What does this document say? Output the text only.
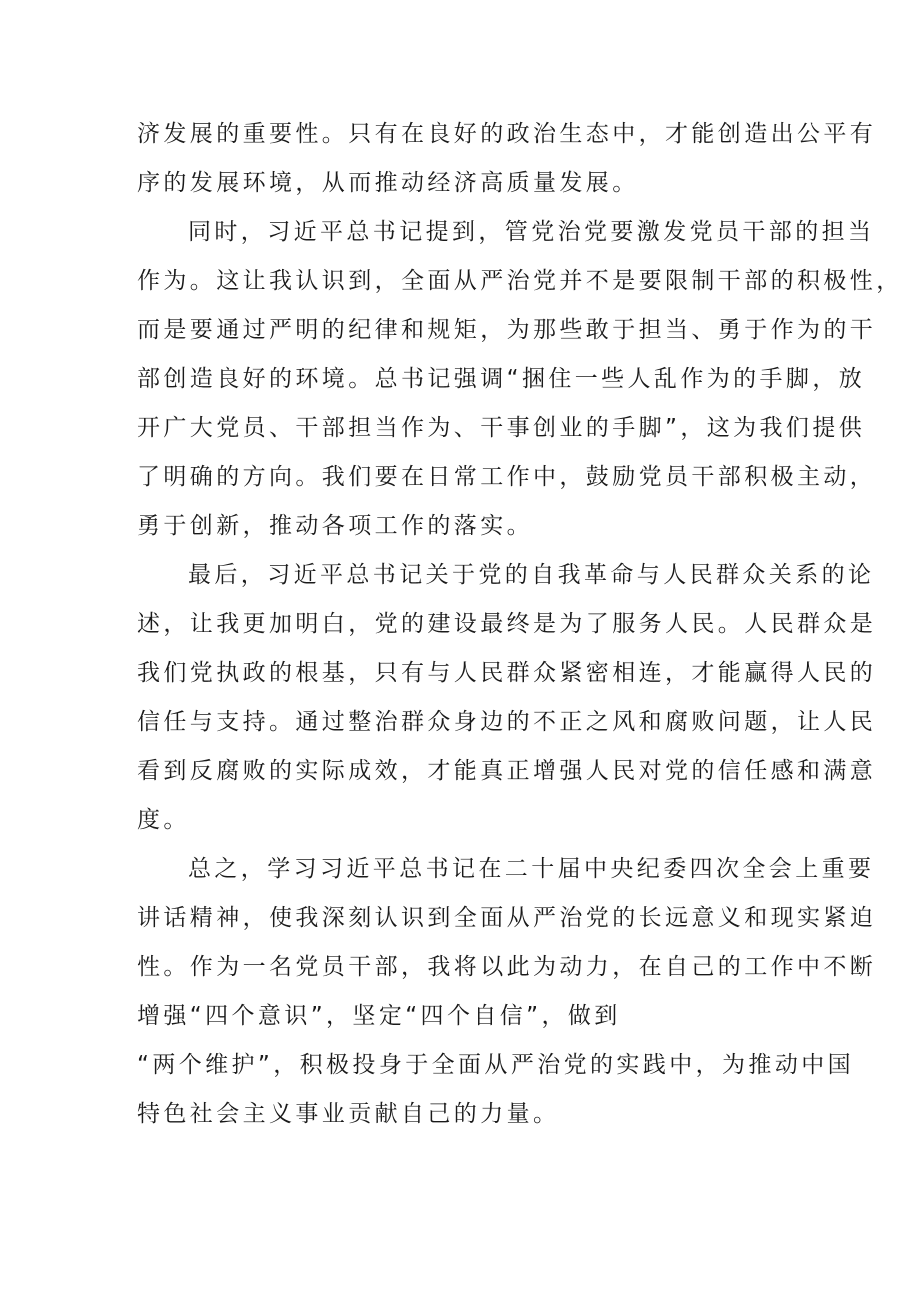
济发展的重要性。只有在良好的政治生态中，才能创造出公平有
序的发展环境，从而推动经济高质量发展。
同时，习近平总书记提到，管党治党要激发党员干部的担当
作为。这让我认识到，全面从严治党并不是要限制干部的积极性，
而是要通过严明的纪律和规矩，为那些敢于担当、勇于作为的干
部创造良好的环境。总书记强调“捆住一些人乱作为的手脚，放
开广大党员、干部担当作为、干事创业的手脚”，这为我们提供
了明确的方向。我们要在日常工作中，鼓励党员干部积极主动，
勇于创新，推动各项工作的落实。
最后，习近平总书记关于党的自我革命与人民群众关系的论
述，让我更加明白，党的建设最终是为了服务人民。人民群众是
我们党执政的根基，只有与人民群众紧密相连，才能赢得人民的
信任与支持。通过整治群众身边的不正之风和腐败问题，让人民
看到反腐败的实际成效，才能真正增强人民对党的信任感和满意
度。
总之，学习习近平总书记在二十届中央纪委四次全会上重要
讲话精神，使我深刻认识到全面从严治党的长远意义和现实紧迫
性。作为一名党员干部，我将以此为动力，在自己的工作中不断
增强“四个意识”，坚定“四个自信”，做到
“两个维护”，积极投身于全面从严治党的实践中，为推动中国
特色社会主义事业贡献自己的力量。
